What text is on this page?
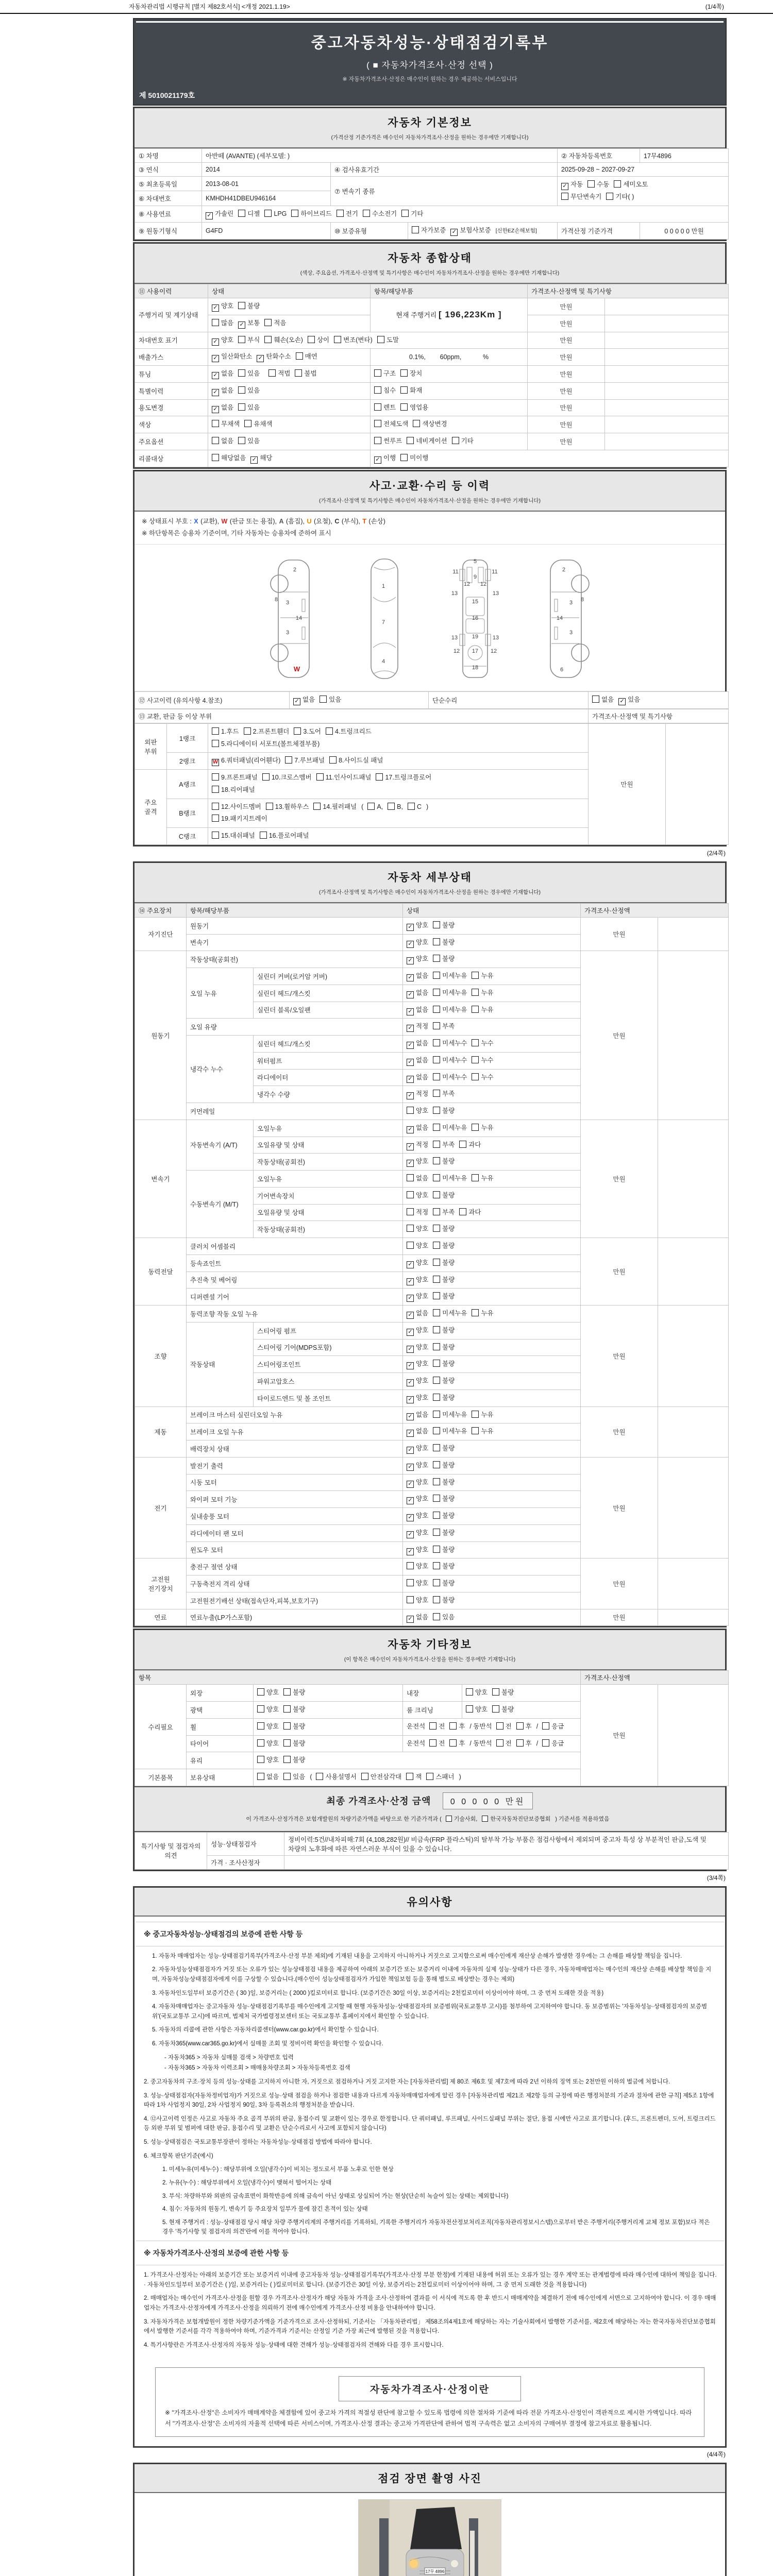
자동차관리법 시행규칙 [별지 제82호서식] <개정 2021.1.19>	(1/4쪽)
중고자동차성능·상태점검기록부
( ■ 자동차가격조사·산정 선택 )
※ 자동차가격조사·산정은 매수인이 원하는 경우 제공하는 서비스입니다
제 5010021179호
자동차 기본정보
(가격산정 기준가격은 매수인이 자동차가격조사·산정을 원하는 경우에만 기재합니다)
① 차명	아반떼 (AVANTE) (세부모델: )			② 자동차등록번호	17무4896
③ 연식	2014	④ 검사유효기간		2025-09-28 ~ 2027-09-27	
⑤ 최초등록일	2013-08-01	⑦ 변속기 종류		✓ 자동 수동 세미오토
무단변속기 기타( )	
⑥ 차대번호	KMHDH41DBEU946164				
⑧ 사용연료	✓ 가솔린 디젤 LPG 하이브리드 전기 수소전기 기타				
⑨ 원동기형식	G4FD	⑩ 보증유형	자가보증 ✓ 보험사보증 [신한EZ손해보험]	가격산정 기준가격	0 0 0 0 0 만원
자동차 종합상태
(색상, 주요옵션, 가격조사·산정액 및 특기사항은 매수인이 자동차가격조사·산정을 원하는 경우에만 기재합니다)
⑪ 사용이력	상태	항목/해당부품	가격조사·산정액 및 특기사항	
주행거리 및 계기상태	✓ 양호 불량	현재 주행거리 [ 196,223Km ]	만원	
	많음 ✓ 보통 적음		만원	
차대번호 표기	✓ 양호 부식 훼손(오손) 상이 변조(변타) 도말		만원	
배출가스	✓ 일산화탄소 ✓ 탄화수소 매연	0.1%,        60ppm,            %	만원	
튜닝	✓ 없음 있음 적법 불법	구조 장치	만원	
특별이력	✓ 없음 있음	침수 화재	만원	
용도변경	✓ 없음 있음	렌트 영업용	만원	
색상	무채색 유채색	전체도색 색상변경	만원	
주요옵션	없음 있음	썬루프 네비게이션 기타	만원	
리콜대상	해당없음 ✓ 해당	✓ 이행 미이행		
사고·교환·수리 등 이력
(가격조사·산정액 및 특기사항은 매수인이 자동차가격조사·산정을 원하는 경우에만 기재합니다)
※ 상태표시 부호 : X (교환), W (판금 또는 용접), A (흠집), U (요철), C (부식), T (손상)
※ 하단항목은 승용차 기준이며, 기타 자동차는 승용차에 준하여 표시
2
3
3
8
14
W
1
7
4
5
11	11
9
12 12
13	13
15
16
13	13
19
12	12
17
18
2
3
3
8
14
6
⑫ 사고이력 (유의사항 4.참조)	✓ 없음 있음	단순수리	없음 ✓ 있음
⑬ 교환, 판금 등 이상 부위	가격조사·산정액 및 특기사항
외판 부위	1랭크	1.후드 2.프론트휀더 3.도어 4.트렁크리드
5.라디에이터 서포트(볼트체결부품)	만원	
	2랭크	W 6.쿼터패널(리어휀다) 7.루브패널 8.사이드실 패널		
주요 골격	A랭크	9.프론트패널 10.크로스멤버 11.인사이드패널 17.트렁크플로어
18.리어패널		
	B랭크	12.사이드멤버 13.휠하우스 14.필러패널 ( A, B, C )
19.패키지트레이		
	C랭크	15.대쉬패널 16.플로어패널		
(2/4쪽)
자동차 세부상태
(가격조사·산정액 및 특기사항은 매수인이 자동차가격조사·산정을 원하는 경우에만 기재합니다)
⑭ 주요장치	항목/해당부품		상태	가격조사·산정액	
자기진단	원동기		✓ 양호 불량	만원	
	변속기		✓ 양호 불량		
원동기	작동상태(공회전)		✓ 양호 불량	만원	
	오일 누유	실린더 커버(로커암 커버)	✓ 없음 미세누유 누유		
		실린더 헤드/개스킷	✓ 없음 미세누유 누유		
		실린더 블록/오일팬	✓ 없음 미세누유 누유		
	오일 유량		✓ 적정 부족		
	냉각수 누수	실린더 헤드/개스킷	✓ 없음 미세누수 누수		
		워터펌프	✓ 없음 미세누수 누수		
		라디에이터	✓ 없음 미세누수 누수		
		냉각수 수량	✓ 적정 부족		
	커먼레일		양호 불량		
변속기	자동변속기 (A/T)	오일누유	✓ 없음 미세누유 누유	만원	
		오일유량 및 상태	✓ 적정 부족 과다		
		작동상태(공회전)	✓ 양호 불량		
	수동변속기 (M/T)	오일누유	없음 미세누유 누유		
		기어변속장치	양호 불량		
		오일유량 및 상태	적정 부족 과다		
		작동상태(공회전)	양호 불량		
동력전달	클러치 어셈블리		양호 불량	만원	
	등속죠인트		✓ 양호 불량		
	추진축 및 베어링		✓ 양호 불량		
	디퍼렌셜 기어		✓ 양호 불량		
조향	동력조향 작동 오일 누유		✓ 없음 미세누유 누유	만원	
	작동상태	스티어링 펌프	✓ 양호 불량		
		스티어링 기어(MDPS포함)	✓ 양호 불량		
		스티어링조인트	✓ 양호 불량		
		파워고압호스	✓ 양호 불량		
		타이로드엔드 및 볼 조인트	✓ 양호 불량		
제동	브레이크 마스터 실린더오일 누유		✓ 없음 미세누유 누유	만원	
	브레이크 오일 누유		✓ 없음 미세누유 누유		
	배력장치 상태		✓ 양호 불량		
전기	발전기 출력		✓ 양호 불량	만원	
	시동 모터		✓ 양호 불량		
	와이퍼 모터 기능		✓ 양호 불량		
	실내송풍 모터		✓ 양호 불량		
	라디에이터 팬 모터		✓ 양호 불량		
	윈도우 모터		✓ 양호 불량		
고전원 전기장치	충전구 절연 상태		양호 불량	만원	
	구동축전지 격리 상태		양호 불량		
	고전원전기배선 상태(접속단자,피복,보호기구)		양호 불량		
연료	연료누출(LP가스포함)		✓ 없음 있음	만원	
자동차 기타정보
(이 항목은 매수인이 자동차가격조사·산정을 원하는 경우에만 기재합니다)
항목					가격조사·산정액	
수리필요	외장	양호 불량	내장	양호 불량	만원	
	광택	양호 불량	룸 크리닝	양호 불량		
	휠	양호 불량	운전석 전 후 / 동반석 전 후 / 응급			
	타이어	양호 불량	운전석 전 후 / 동반석 전 후 / 응급			
	유리	양호 불량				
기본품목	보유상태	없음 있음 ( 사용설명서 안전삼각대 잭 스패너 )				
최종 가격조사·산정 금액 0 0 0 0 0 만원
이 가격조사·산정가격은 보험개발원의 차량기준가액을 바탕으로 한 기준가격과 ( 기술사회, 한국자동차진단보증협회 ) 기준서를 적용하였음
특기사항 및 점검자의 의견	성능·상태점검자	정비이력:5건//내차피해:7회 (4,108,282원)// 비금속(FRP 플라스틱)의 탈부착 가능 부품은 점검사항에서 제외되며 중고차 특성 상 부분적인 판금,도색 및 차량의 노후화에 따른 자연스러운 부식이 있을 수 있습니다.
	가격 · 조사산정자	
(3/4쪽)
유의사항
※ 중고자동차성능·상태점검의 보증에 관한 사항 등
1. 자동차 매매업자는 성능·상태점검기록부(가격조사·산정 부분 제외)에 기재된 내용을 고지하지 아니하거나 거짓으로 고지함으로써 매수인에게 재산상 손해가 발생한 경우에는 그 손해를 배상할 책임을 집니다.
2. 자동차성능상태점검자가 거짓 또는 오류가 있는 성능상태점검 내용을 제공하여 아래의 보증기간 또는 보증거리 이내에 자동차의 실제 성능·상태가 다른 경우, 자동차매매업자는 매수인의 재산상 손해를 배상할 책임을 지며, 자동차성능상태점검자에게 이를 구상할 수 있습니다.(매수인이 성능상태점검자가 가입한 책임보험 등을 통해 별도로 배상받는 경우는 제외)
3. 자동차인도일부터 보증기간은 ( 30 )일, 보증거리는 ( 2000 )킬로미터로 합니다. (보증기간은 30일 이상, 보증거리는 2천킬로미터 이상이어야 하며, 그 중 먼저 도래한 것을 적용)
4. 자동차매매업자는 중고자동차 성능·상태점검기록부를 매수인에게 고지할 때 현행 자동차성능·상태점검자의 보증범위(국토교통부 고시)를 첨부하여 고지하여야 합니다. 동 보증범위는 '자동차성능·상태점검자의 보증범위'(국토교통부 고시)에 따르며, 법제처 국가법령정보센터 또는 국토교통부 홈페이지에서 확인할 수 있습니다.
5. 자동차의 리콜에 관한 사항은 자동차리콜센터(www.car.go.kr)에서 확인할 수 있습니다.
6. 자동차365(www.car365.go.kr)에서 실매물 조회 및 정비이력 확인을 확인할 수 있습니다.
- 자동차365 > 자동차 실매물 검색 > 차량번호 입력
- 자동차365 > 자동차 이력조회 > 매매용차량조회 > 자동차등록번호 검색
2. 중고자동차의 구조·장치 등의 성능·상태를 고지하지 아니한 자, 거짓으로 점검하거나 거짓 고지한 자는 [자동차관리법] 제 80조 제6호 및 제7호에 따라 2년 이하의 징역 또는 2천만원 이하의 벌금에 처합니다.
3. 성능·상태점검자(자동차정비업자)가 거짓으로 성능·상태 점검을 하거나 점검한 내용과 다르게 자동차매매업자에게 알린 경우 [자동차관리법 제21조 제2항 등의 규정에 따른 행정처분의 기준과 절차에 관한 규칙] 제5조 1항에 따라 1차 사업정지 30일, 2차 사업정지 90일, 3차 등록취소의 행정처분을 받습니다.
4. ⑫사고이력 인정은 사고로 자동차 주요 골격 부위의 판금, 용접수리 및 교환이 있는 경우로 한정합니다. 단 쿼터패널, 루프패널, 사이드실패널 부위는 절단, 용접 시에만 사고로 표기합니다. (후드, 프론트펜더, 도어, 트렁크리드 등 외판 부위 및 범퍼에 대한 판금, 용접수리 및 교환은 단순수리로서 사고에 포함되지 않습니다)
5. 성능·상태점검은 국토교통부장관이 정하는 자동차성능·상태점검 방법에 따라야 합니다.
6. 체크항목 판단기준(예시)
1. 미세누유(미세누수) : 해당부위에 오일(냉각수)이 비치는 정도로서 부품 노후로 인한 현상
2. 누유(누수) : 해당부위에서 오일(냉각수)이 맺혀서 떨어지는 상태
3. 부식: 차량하부와 외판의 금속표면이 화학반응에 의해 금속이 아닌 상태로 상실되어 가는 현상(단순히 녹슬어 있는 상태는 제외합니다)
4. 침수: 자동차의 원동기, 변속기 등 주요장치 일부가 물에 잠긴 흔적이 있는 상태
5. 현재 주행거리 : 성능·상태점검 당시 해당 차량 주행거리계의 주행거리를 기록하되, 기록한 주행거리가 자동차전산정보처리조직(자동차관리정보시스템)으로부터 받은 주행거리(주행거리계 교체 정보 포함)보다 적은 경우 '특기사항 및 점검자의 의견'란에 이를 적어야 합니다.
※ 자동차가격조사·산정의 보증에 관한 사항 등
1. 가격조사·산정자는 아래의 보증기간 또는 보증거리 이내에 중고자동차 성능·상태점검기록부(가격조사·산정 부분 한정)에 기재된 내용에 허위 또는 오류가 있는 경우 계약 또는 관계법령에 따라 매수인에 대하여 책임을 집니다. · 자동차인도일부터 보증기간은 ( )일, 보증거리는 ( )킬로미터로 합니다. (보증기간은 30일 이상, 보증거리는 2천킬로미터 이상이어야 하며, 그 중 먼저 도래한 것을 적용합니다)
2. 매매업자는 매수인이 가격조사·산정을 원할 경우 가격조사·산정자가 해당 자동차 가격을 조사·산정하여 결과를 이 서식에 적도록 한 후 반드시 매매계약을 체결하기 전에 매수인에게 서면으로 고지하여야 합니다. 이 경우 매매업자는 가격조사·산정자에게 가격조사·산정을 의뢰하기 전에 매수인에게 가격조사·산정 비용을 안내하여야 합니다.
3. 자동차가격은 보험개발원이 정한 차량기준가액을 기준가격으로 조사·산정하되, 기준서는 「자동차관리법」 제58조의4제1호에 해당하는 자는 기술사회에서 발행한 기준서를, 제2호에 해당하는 자는 한국자동차진단보증협회에서 발행한 기준서를 각각 적용하여야 하며, 기준가격과 기준서는 산정일 기준 가장 최근에 발행된 것을 적용합니다.
4. 특기사항란은 가격조사·산정자의 자동차 성능·상태에 대한 견해가 성능·상태점검자의 견해와 다를 경우 표시합니다.
자동차가격조사·산정이란
※ "가격조사·산정"은 소비자가 매매계약을 체결함에 있어 중고차 가격의 적절성 판단에 참고할 수 있도록 법령에 의한 절차와 기준에 따라 전문 가격조사·산정인이 객관적으로 제시한 가액입니다. 따라서 "가격조사·산정"은 소비자의 자율적 선택에 따른 서비스이며, 가격조사·산정 결과는 중고차 가격판단에 관하여 법적 구속력은 없고 소비자의 구매여부 결정에 참고자료로 활용됩니다.
(4/4쪽)
점검 장면 촬영 사진
17무 4896
